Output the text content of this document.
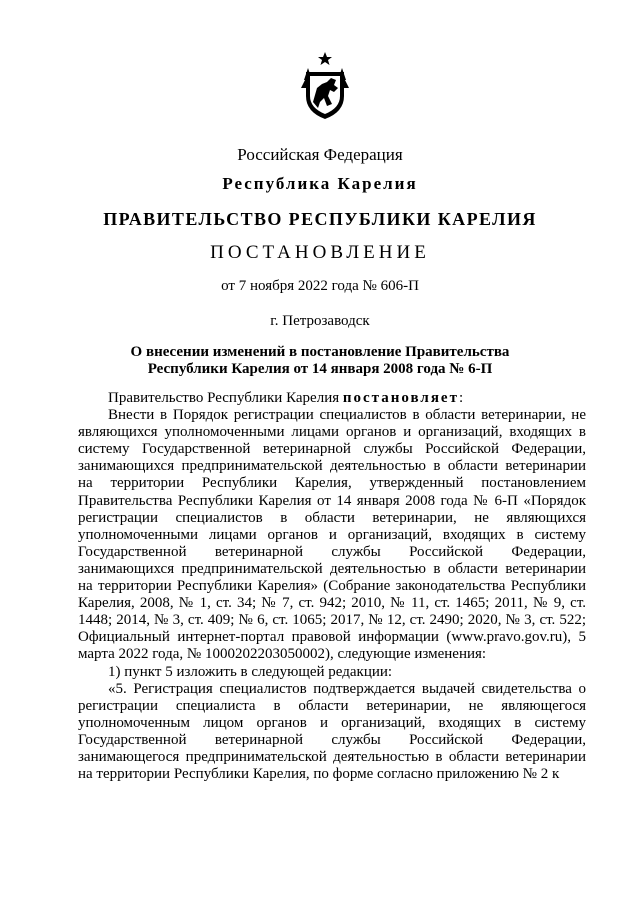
Российская Федерация
Республика Карелия
ПРАВИТЕЛЬСТВО РЕСПУБЛИКИ КАРЕЛИЯ
ПОСТАНОВЛЕНИЕ
от 7 ноября 2022 года № 606-П
г. Петрозаводск
О внесении изменений в постановление Правительства
Республики Карелия от 14 января 2008 года № 6-П

Правительство Республики Карелия постановляет:

Внести в Порядок регистрации специалистов в области ветеринарии, не являющихся уполномоченными лицами органов и организаций, входящих в систему Государственной ветеринарной службы Российской Федерации, занимающихся предпринимательской деятельностью в области ветеринарии на территории Республики Карелия, утвержденный постановлением Правительства Республики Карелия от 14 января 2008 года № 6-П «Порядок регистрации специалистов в области ветеринарии, не являющихся уполномоченными лицами органов и организаций, входящих в систему Государственной ветеринарной службы Российской Федерации, занимающихся предпринимательской деятельностью в области ветеринарии на территории Республики Карелия» (Собрание законодательства Республики Карелия, 2008, № 1, ст. 34; № 7, ст. 942; 2010, № 11, ст. 1465; 2011, № 9, ст. 1448; 2014, № 3, ст. 409; № 6, ст. 1065; 2017, № 12, ст. 2490; 2020, № 3, ст. 522; Официальный интернет-портал правовой информации (www.pravo.gov.ru), 5 марта 2022 года, № 1000202203050002), следующие изменения:

1) пункт 5 изложить в следующей редакции:

«5. Регистрация специалистов подтверждается выдачей свидетельства о регистрации специалиста в области ветеринарии, не являющегося уполномоченным лицом органов и организаций, входящих в систему Государственной ветеринарной службы Российской Федерации, занимающегося предпринимательской деятельностью в области ветеринарии на территории Республики Карелия, по форме согласно приложению № 2 к
